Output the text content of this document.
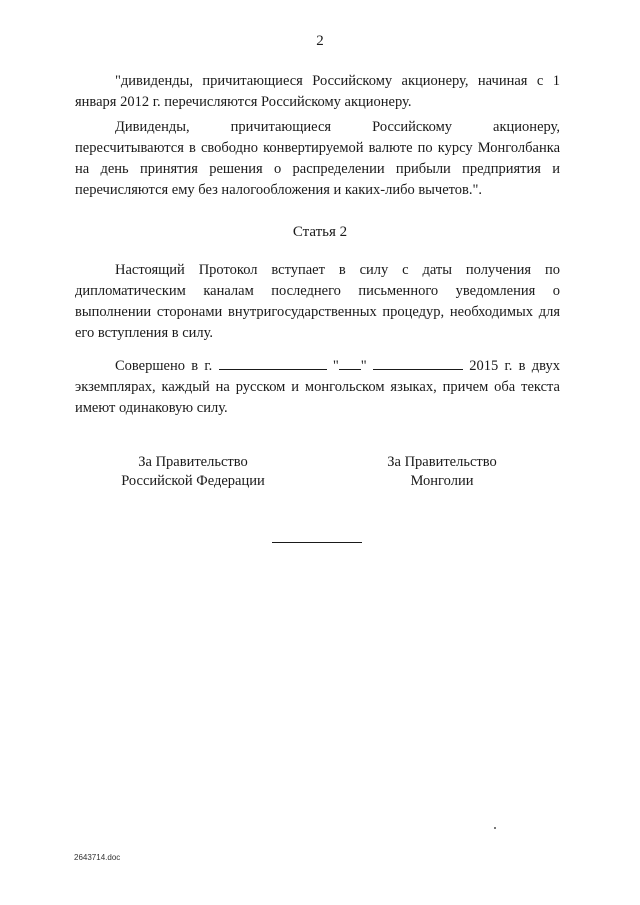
2

"дивиденды, причитающиеся Российскому акционеру, начиная с 1 января 2012 г. перечисляются Российскому акционеру.

Дивиденды, причитающиеся Российскому акционеру, пересчитываются в свободно конвертируемой валюте по курсу Монголбанка на день принятия решения о распределении прибыли предприятия и перечисляются ему без налогообложения и каких-либо вычетов.".

Статья 2

Настоящий Протокол вступает в силу с даты получения по дипломатическим каналам последнего письменного уведомления о выполнении сторонами внутригосударственных процедур, необходимых для его вступления в силу.

Совершено в г.	" "	2015 г. в двух экземплярах, каждый на русском и монгольском языках, причем оба текста имеют одинаковую силу.

За Правительство
Российской Федерации
За Правительство
Монголии
2643714.doc
